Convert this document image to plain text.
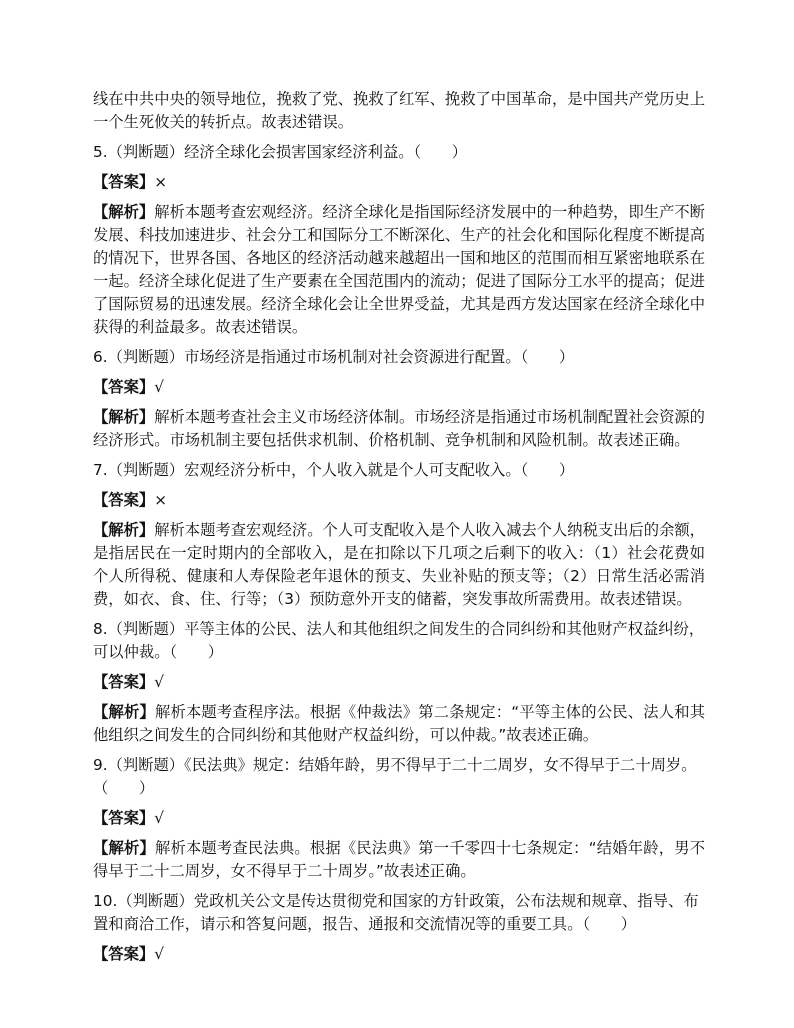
线在中共中央的领导地位，挽救了党、挽救了红军、挽救了中国革命，是中国共产党历史上一个生死攸关的转折点。故表述错误。

5.（判断题）经济全球化会损害国家经济利益。（　　）

【答案】×

【解析】解析本题考查宏观经济。经济全球化是指国际经济发展中的一种趋势，即生产不断发展、科技加速进步、社会分工和国际分工不断深化、生产的社会化和国际化程度不断提高的情况下，世界各国、各地区的经济活动越来越超出一国和地区的范围而相互紧密地联系在一起。经济全球化促进了生产要素在全国范围内的流动；促进了国际分工水平的提高；促进了国际贸易的迅速发展。经济全球化会让全世界受益，尤其是西方发达国家在经济全球化中获得的利益最多。故表述错误。

6.（判断题）市场经济是指通过市场机制对社会资源进行配置。（　　）

【答案】√

【解析】解析本题考查社会主义市场经济体制。市场经济是指通过市场机制配置社会资源的经济形式。市场机制主要包括供求机制、价格机制、竞争机制和风险机制。故表述正确。

7.（判断题）宏观经济分析中，个人收入就是个人可支配收入。（　　）

【答案】×

【解析】解析本题考查宏观经济。个人可支配收入是个人收入减去个人纳税支出后的余额，是指居民在一定时期内的全部收入，是在扣除以下几项之后剩下的收入：（1）社会花费如个人所得税、健康和人寿保险老年退休的预支、失业补贴的预支等；（2）日常生活必需消费，如衣、食、住、行等；（3）预防意外开支的储蓄，突发事故所需费用。故表述错误。

8.（判断题）平等主体的公民、法人和其他组织之间发生的合同纠纷和其他财产权益纠纷，可以仲裁。（　　）

【答案】√

【解析】解析本题考查程序法。根据《仲裁法》第二条规定：“平等主体的公民、法人和其他组织之间发生的合同纠纷和其他财产权益纠纷，可以仲裁。”故表述正确。

9.（判断题）《民法典》规定：结婚年龄，男不得早于二十二周岁，女不得早于二十周岁。（　　）

【答案】√

【解析】解析本题考查民法典。根据《民法典》第一千零四十七条规定：“结婚年龄，男不得早于二十二周岁，女不得早于二十周岁。”故表述正确。

10.（判断题）党政机关公文是传达贯彻党和国家的方针政策，公布法规和规章、指导、布置和商洽工作，请示和答复问题，报告、通报和交流情况等的重要工具。（　　）

【答案】√
